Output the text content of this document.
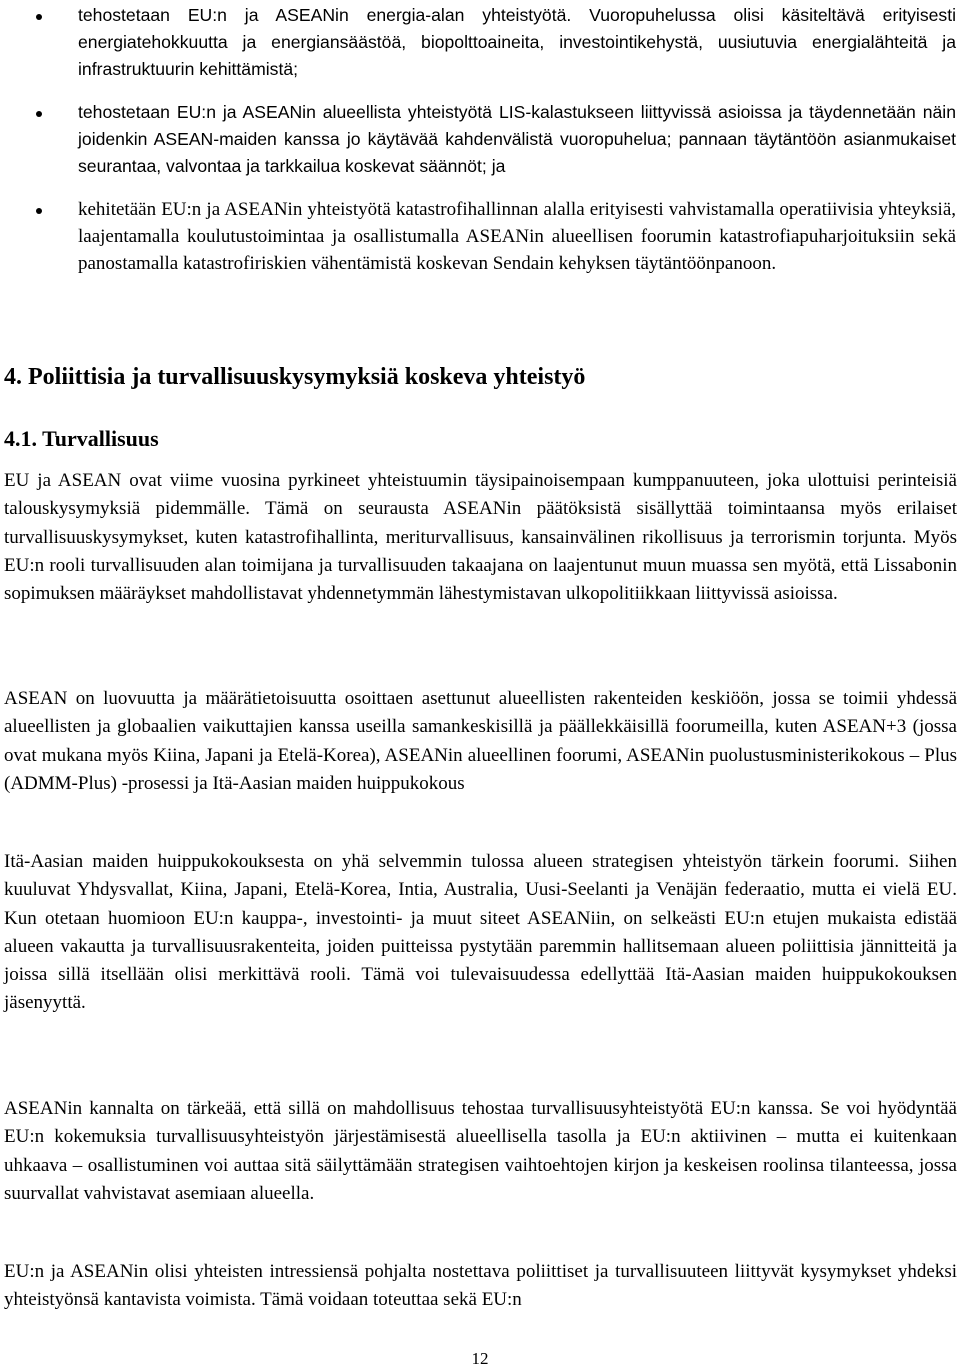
tehostetaan EU:n ja ASEANin energia-alan yhteistyötä. Vuoropuhelussa olisi käsiteltävä erityisesti energiatehokkuutta ja energiansäästöä, biopolttoaineita, investointikehystä, uusiutuvia energialähteitä ja infrastruktuurin kehittämistä;
tehostetaan EU:n ja ASEANin alueellista yhteistyötä LIS-kalastukseen liittyvissä asioissa ja täydennetään näin joidenkin ASEAN-maiden kanssa jo käytävää kahdenvälistä vuoropuhelua; pannaan täytäntöön asianmukaiset seurantaa, valvontaa ja tarkkailua koskevat säännöt; ja
kehitetään EU:n ja ASEANin yhteistyötä katastrofihallinnan alalla erityisesti vahvistamalla operatiivisia yhteyksiä, laajentamalla koulutustoimintaa ja osallistumalla ASEANin alueellisen foorumin katastrofiapuharjoituksiin sekä panostamalla katastrofiriskien vähentämistä koskevan Sendain kehyksen täytäntöönpanoon.
4. Poliittisia ja turvallisuuskysymyksiä koskeva yhteistyö
4.1. Turvallisuus

EU ja ASEAN ovat viime vuosina pyrkineet yhteistuumin täysipainoisempaan kumppanuuteen, joka ulottuisi perinteisiä talouskysymyksiä pidemmälle. Tämä on seurausta ASEANin päätöksistä sisällyttää toimintaansa myös erilaiset turvallisuuskysymykset, kuten katastrofihallinta, meriturvallisuus, kansainvälinen rikollisuus ja terrorismin torjunta. Myös EU:n rooli turvallisuuden alan toimijana ja turvallisuuden takaajana on laajentunut muun muassa sen myötä, että Lissabonin sopimuksen määräykset mahdollistavat yhdennetymmän lähestymistavan ulkopolitiikkaan liittyvissä asioissa.

ASEAN on luovuutta ja määrätietoisuutta osoittaen asettunut alueellisten rakenteiden keskiöön, jossa se toimii yhdessä alueellisten ja globaalien vaikuttajien kanssa useilla samankeskisillä ja päällekkäisillä foorumeilla, kuten ASEAN+3 (jossa ovat mukana myös Kiina, Japani ja Etelä-Korea), ASEANin alueellinen foorumi, ASEANin puolustusministerikokous – Plus (ADMM-Plus) -prosessi ja Itä-Aasian maiden huippukokous

Itä-Aasian maiden huippukokouksesta on yhä selvemmin tulossa alueen strategisen yhteistyön tärkein foorumi. Siihen kuuluvat Yhdysvallat, Kiina, Japani, Etelä-Korea, Intia, Australia, Uusi-Seelanti ja Venäjän federaatio, mutta ei vielä EU. Kun otetaan huomioon EU:n kauppa-, investointi- ja muut siteet ASEANiin, on selkeästi EU:n etujen mukaista edistää alueen vakautta ja turvallisuusrakenteita, joiden puitteissa pystytään paremmin hallitsemaan alueen poliittisia jännitteitä ja joissa sillä itsellään olisi merkittävä rooli. Tämä voi tulevaisuudessa edellyttää Itä-Aasian maiden huippukokouksen jäsenyyttä.

ASEANin kannalta on tärkeää, että sillä on mahdollisuus tehostaa turvallisuusyhteistyötä EU:n kanssa. Se voi hyödyntää EU:n kokemuksia turvallisuusyhteistyön järjestämisestä alueellisella tasolla ja EU:n aktiivinen – mutta ei kuitenkaan uhkaava – osallistuminen voi auttaa sitä säilyttämään strategisen vaihtoehtojen kirjon ja keskeisen roolinsa tilanteessa, jossa suurvallat vahvistavat asemiaan alueella.

EU:n ja ASEANin olisi yhteisten intressiensä pohjalta nostettava poliittiset ja turvallisuuteen liittyvät kysymykset yhdeksi yhteistyönsä kantavista voimista. Tämä voidaan toteuttaa sekä EU:n

12
